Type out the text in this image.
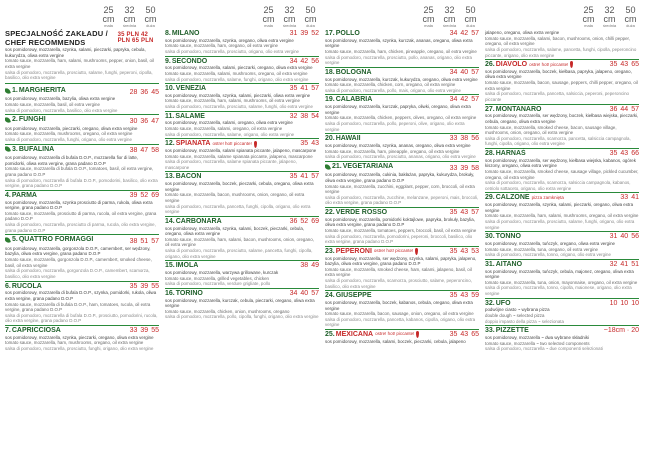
25 cm
mała
32 cm
średnia
50 cm
duża
SPECJALNOŚĆ ZAKŁADU / CHEF RECOMMENDS
35 PLN 42 PLN 65 PLN
sos pomidorowy, mozzarella, szynka, salami, pieczarki, papryka, cebula, kukurydza, oliwa extra vergine
tomato sauce, mozzarella, ham, salami, mushrooms, pepper, onion, basil, oil extra vergine
salsa di pomodoro, mozzarella, prosciutto, salame, funghi, peperoni, cipolla, basilico, olio extra vergine
1. MARGHERITA	28 36 45
sos pomidorowy, mozzarella, bazylia, oliwa extra vergine
tomato sauce, mozzarella, basil, oil extra vergine
salsa di pomodoro, mozzarella, basilico, olio extra vergine
2. FUNGHI	30 36 47
sos pomidorowy, mozzarella, pieczarki, oregano, oliwa extra vergine
tomato sauce, mozzarella, mushrooms, oregano, oil extra vergine
salsa di pomodoro, mozzarella, funghi, origano, olio extra vergine
3. BUFALINA	38 47 58
sos pomidorowy, mozzarella di bufala D.O.P., mozzarella fior di latte, pomidorki, oliwa extra vergine, grana padano D.O.P
tomato sauce, mozzarella di bufala D.O.P., tomatoes, basil, oil extra vergine, grana padano D.O.P
salsa di pomodoro, mozzarella di bufala D.O.P., pomodorini, basilico, olio extra vergine, grana padano D.O.P
4. PARMA	39 52 69
sos pomidorowy, mozzarella, szynka prosciutto di parma, rukola, oliwa extra vergine, grana padano D.O.P
tomato sauce, mozzarella, prosciutto di parma, rucola, oil extra vergine, grana padano D.O.P
salsa di pomodoro, mozzarella, prosciutto di parma, rucola, olio extra vergine, grana padano D.O.P
5. QUATTRO FORMAGGI	38 51 57
sos pomidorowy, mozzarella, gorgonzola D.O.P., camembert, ser wędzony, bazylia, oliwa extra vergine, grana padano D.O.P
tomato sauce, mozzarella, gorgonzola D.O.P., camembert, smoked cheese, basil, oil extra vergine
salsa di pomodoro, mozzarella, gorgonzola D.O.P., camembert, scamorza, basilico, olio extra vergine
6. RUCOLA	35 39 55
sos pomidorowy, mozzarella di bufala D.O.P., szynka, pomidorki, rukola, oliwa extra vergine, grana padano D.O.P
tomato sauce, mozzarella di bufala D.O.P., ham, tomatoes, rucola, oil extra vergine, grana padano D.O.P
salsa di pomodoro, mozzarella di bufala D.O.P., prosciutto, pomodorini, rucola, olio extra vergine, grana padano D.O.P
7. CAPRICCIOSA	33 39 55
sos pomidorowy, mozzarella, szynka, pieczarki, oregano, oliwa extra vergine
tomato sauce, mozzarella, ham, mushrooms, oregano, oil extra vergine
salsa di pomodoro, mozzarella, prosciutto, funghi, origano, olio extra vergine
25 cm
mała
32 cm
średnia
50 cm
duża
8. MILANO	31 39 52
sos pomidorowy, mozzarella, szynka, oregano, oliwa extra vergine
tomato sauce, mozzarella, ham, oregano, oil extra vergine
salsa di pomodoro, mozzarella, prosciutto, origano, olio extra vergine
9. SECONDO	34 42 56
sos pomidorowy, mozzarella, salami, pieczarki, oregano, oliwa extra vergine
tomato sauce, mozzarella, salami, mushrooms, oregano, oil extra vergine
salsa di pomodoro, mozzarella, salame, funghi, origano, olio extra vergine
10. VENEZIA	35 41 57
sos pomidorowy, mozzarella, szynka, salami, pieczarki, oliwa extra vergine
tomato sauce, mozzarella, ham, salami, mushrooms, oil extra vergine
salsa di pomodoro, mozzarella, prosciutto, salame, funghi, olio extra vergine
11. SALAME	32 38 54
sos pomidorowy, mozzarella, salami, oregano, oliwa extra vergine
tomato sauce, mozzarella, salami, oregano, oil extra vergine
salsa di pomodoro, mozzarella, salame, origano, olio extra vergine
12. SPIANATA ostre! hot! piccante!	35 43
sos pomidorowy, mozzarella, salami spianata piccante, jalapeno, mascarpone
tomato sauce, mozzarella, salame spianata piccante, jalapeno, mascarpone
salsa di pomodoro, mozzarella, salame spianata piccante, jalapeno, mascarpone
13. BACON	35 41 57
sos pomidorowy, mozzarella, boczek, pieczarki, cebula, oregano, oliwa extra vergine
tomato sauce, mozzarella, bacon, mushrooms, onion, oregano, oil extra vergine
salsa di pomodoro, mozzarella, pancetta, funghi, cipolla, origano, olio extra vergine
14. CARBONARA	36 52 69
sos pomidorowy, mozzarella, szynka, salami, boczek, pieczarki, cebula, oregano, oliwa extra vergine
tomato sauce, mozzarella, ham, salami, bacon, mushrooms, onion, oregano, oil extra vergine
salsa di pomodoro, mozzarella, prosciutto, salame, pancetta, funghi, cipolla, origano, olio extra vergine
15. IMOLA	38 49
sos pomidorowy, mozzarella, warzywa grillowane, kurczak
tomato sauce, mozzarella, grilled vegetables, chicken
salsa di pomodoro, mozzarella, verdure grigliate, pollo
16. TORINO	34 40 57
sos pomidorowy, mozzarella, kurczak, cebula, pieczarki, oregano, oliwa extra vergine
tomato sauce, mozzarella, chicken, onion, mushrooms, oregano
salsa di pomodoro, mozzarella, pollo, cipolla, funghi, origano, olio extra vergine
25 cm
mała
32 cm
średnia
50 cm
duża
17. POLLO	34 42 57
sos pomidorowy, mozzarella, szynka, kurczak, ananas, oregano, oliwa extra vergine
tomato sauce, mozzarella, ham, chicken, pineapple, oregano, oil extra vergine
salsa di pomodoro, mozzarella, prosciutto, pollo, ananas, origano, olio extra vergine
18. BOLOGNA	34 40 57
sos pomidorowy, mozzarella, kurczak, kukurydza, oregano, oliwa extra vergine
tomato sauce, mozzarella, chicken, corn, oregano, oil extra vergine
salsa di pomodoro, mozzarella, pollo, mais, origano, olio extra vergine
19. CALABRIA	34 42 57
sos pomidorowy, mozzarella, kurczak, papryka, oliwki, oregano, oliwa extra vergine
tomato sauce, mozzarella, chicken, peppers, olives, oregano, oil extra vergine
salsa di pomodoro, mozzarella, pollo, peperoni, olive, origano, olio extra vergine
20. HAWAII	33 38 56
sos pomidorowy, mozzarella, szynka, ananas, oregano, oliwa extra vergine
tomato sauce, mozzarella, ham, pineapple, oregano, oil extra vergine
salsa di pomodoro, mozzarella, prosciutto, ananas, origano, olio extra vergine
21. VEGETARIANA	33 39 58
sos pomidorowy, mozzarella, cukinia, bakłażan, papryka, kukurydza, brokuły, oliwa extra vergine, grana padano D.O.P
tomato sauce, mozzarella, zucchini, eggplant, pepper, corn, broccoli, oil extra vergine
salsa di pomodoro, mozzarella, zucchine, melanzane, peperoni, mais, broccoli, olio extra vergine, grana padano D.O.P
22. VERDE ROSSO	35 43 57
sos pomidorowy, mozzarella, pomidorki koktajlowe, papryka, brokuły, bazylia, oliwa extra vergine, grana padano D.O.P
tomato sauce, mozzarella, tomatoes, peppers, broccoli, basil, oil extra vergine
salsa di pomodoro, mozzarella, pomodorini, peperoni, broccoli, basilico, olio extra vergine, grana padano D.O.P
23. PEPERONI ostre! hot! piccante!	35 43 53
sos pomidorowy, mozzarella, ser wędzony, szynka, salami, papryka, jalapeno, bazylia, oliwa extra vergine, grana padano D.O.P
tomato sauce, mozzarella, smoked cheese, ham, salami, jalapeno, basil, oil extra vergine
salsa di pomodoro, mozzarella, scamorza, prosciutto, salame, peperoncino, basilico, olio extra vergine
24. GIUSEPPE	35 43 59
sos pomidorowy, mozzarella, boczek, kabanos, cebula, oregano, oliwa extra vergine
tomato sauce, mozzarella, bacon, sausage, onion, oregano, oil extra vergine
salsa di pomodoro, mozzarella, pancetta, kabanos, cipolla, origano, olio extra vergine
25. MEXICANA ostre! hot! piccante!	35 43 65
sos pomidorowy, mozzarella, salami, boczek, pieczarki, cebula, jalapeno
25 cm
mała
32 cm
średnia
50 cm
duża
jalapeno, oregano, oliwa extra vergine
tomato sauce, mozzarella, salami, bacon, mushrooms, onion, chilli pepper, oregano, oil extra vergine
salsa di pomodoro, mozzarella, salame, pancetta, funghi, cipolla, peperoncino piccante, origano, olio extra vergine
26. DIAVOLO ostre! hot! piccante!	35 43 65
sos pomidorowy, mozzarella, boczek, kiełbasa, papryka, jalapeno, oregano, oliwa extra vergine
tomato sauce, mozzarella, bacon, sausage, peppers, chilli pepper, oregano, oil extra vergine
salsa di pomodoro, mozzarella, pancetta, salsiccia, peperoni, peperoncino piccante
27. MONTANARO	36 44 57
sos pomidorowy, mozzarella, ser wędzony, boczek, kiełbasa wiejska, pieczarki, cebula, oregano, oliwa extra vergine
tomato sauce, mozzarella, smoked cheese, bacon, sausage village, mushrooms, onion, oregano, oil extra vergine
salsa di pomodoro, mozzarella, scamorza, pancetta, salsiccia campagnola, funghi, cipolla, origano, olio extra vergine
28. HARNAŚ	35 43 66
sos pomidorowy, mozzarella, ser wędzony, kiełbasa wiejska, kabanos, ogórek kiszony, oregano, oliwa extra vergine
tomato sauce, mozzarella, smoked cheese, sausage village, pickled cucumber, oregano, oil extra vergine
salsa di pomodoro, mozzarella, scamorza, salsiccia campagnola, kabanos, cetriolo sottaceto, origano, olio extra vergine
29. CALZONE pizza zamknięta	33 41
sos pomidorowy, mozzarella, szynka, salami, pieczarki, oregano, oliwa extra vergine
tomato sauce, mozzarella, ham, salami, mushrooms, oregano, oil extra vergine
salsa di pomodoro, mozzarella, prosciutto, salame, funghi, origano, olio extra vergine
30. TONNO	31 40 56
sos pomidorowy, mozzarella, tuńczyk, oregano, oliwa extra vergine
tomato sauce, mozzarella, tuna, oregano, oil extra vergine
salsa di pomodoro, mozzarella, tonno, origano, olio extra vergine
31. AITANO	32 41 51
sos pomidorowy, mozzarella, tuńczyk, cebula, majonez, oregano, oliwa extra vergine
tomato sauce, mozzarella, tuna, onion, mayonnaise, oregano, oil extra vergine
salsa di pomodoro, mozzarella, tonno, cipolla, maionese, origano, olio extra vergine
32. UFO	10 10 10
podwójne ciasto ~ wybrana pizza
double dough ~ selected pizza
doppio impasto della pizza ~ selezionata
33. PIZZETTE	~18cm · 20
sos pomidorowy, mozzarella ~ dwa wybrane składniki
tomato sauce, mozzarella ~ two selected components
salsa di pomodoro, mozzarella ~ due componenti selezionati
